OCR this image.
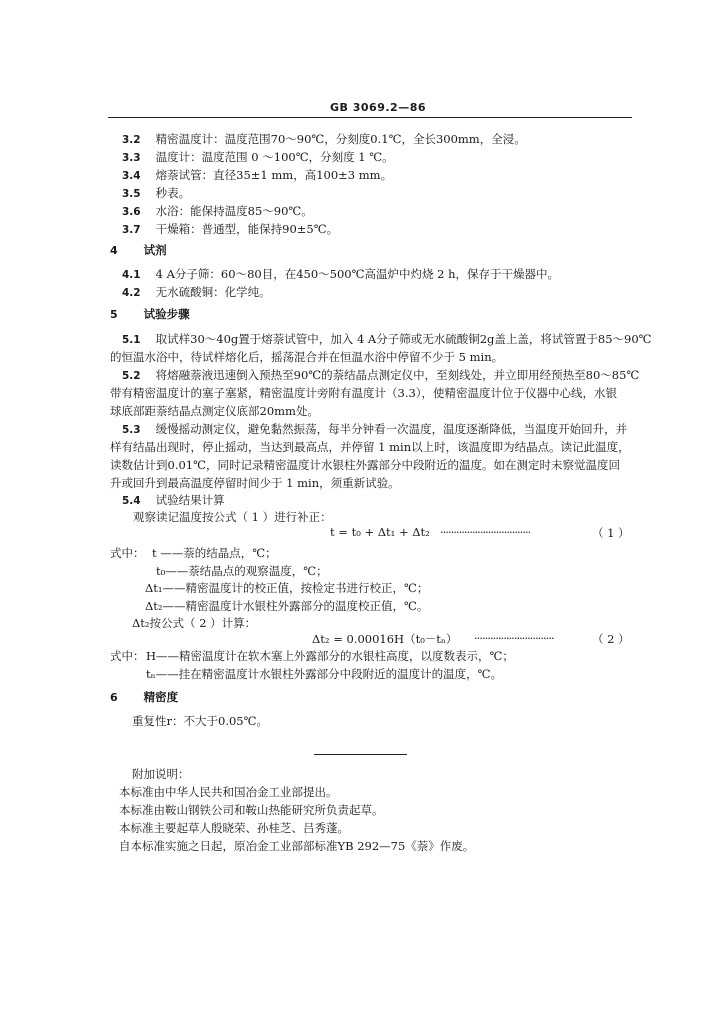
GB 3069.2—86
3.2 精密温度计：温度范围70～90℃，分刻度0.1℃，全长300mm，全浸。
3.3 温度计：温度范围 0 ～100℃，分刻度 1 ℃。
3.4 熔萘试管：直径35±1 mm，高100±3 mm。
3.5 秒表。
3.6 水浴：能保持温度85～90℃。
3.7 干燥箱：普通型，能保持90±5℃。
4 试剂
4.1 4 A分子筛：60～80目，在450～500℃高温炉中灼烧 2 h，保存于干燥器中。
4.2 无水硫酸铜：化学纯。
5 试验步骤
5.1 取试样30～40g置于熔萘试管中，加入 4 A分子筛或无水硫酸铜2g盖上盖，将试管置于85～90℃
的恒温水浴中，待试样熔化后，摇荡混合并在恒温水浴中停留不少于 5 min。
5.2 将熔融萘液迅速倒入预热至90℃的萘结晶点测定仪中，至刻线处，并立即用经预热至80～85℃
带有精密温度计的塞子塞紧，精密温度计旁附有温度计（3.3），使精密温度计位于仪器中心线，水银
球底部距萘结晶点测定仪底部20mm处。
5.3 缓慢摇动测定仪，避免黏然振荡，每半分钟看一次温度，温度逐渐降低，当温度开始回升，并
样有结晶出现时，停止摇动，当达到最高点，并停留 1 min以上时，该温度即为结晶点。读记此温度，
读数估计到0.01℃，同时记录精密温度计水银柱外露部分中段附近的温度。如在测定时未察觉温度回
升或回升到最高温度停留时间少于 1 min，须重新试验。
5.4 试验结果计算
观察读记温度按公式（ 1 ）进行补正：
t = t₀ + Δt₁ + Δt₂ ··································	（ 1 ）
式中： t ——萘的结晶点，℃；
t₀——萘结晶点的观察温度，℃；
Δt₁——精密温度计的校正值，按检定书进行校正，℃；
Δt₂——精密温度计水银柱外露部分的温度校正值，℃。
Δt₂按公式（ 2 ）计算：
Δt₂ = 0.00016H（t₀－tₙ） ······························	（ 2 ）
式中： H——精密温度计在软木塞上外露部分的水银柱高度，以度数表示，℃；
tₙ——挂在精密温度计水银柱外露部分中段附近的温度计的温度，℃。
6 精密度
重复性r：不大于0.05℃。
附加说明：
本标准由中华人民共和国冶金工业部提出。
本标准由鞍山钢铁公司和鞍山热能研究所负责起草。
本标准主要起草人殷晓荣、孙桂芝、吕秀蓬。
自本标准实施之日起，原冶金工业部部标准YB 292—75《萘》作废。
